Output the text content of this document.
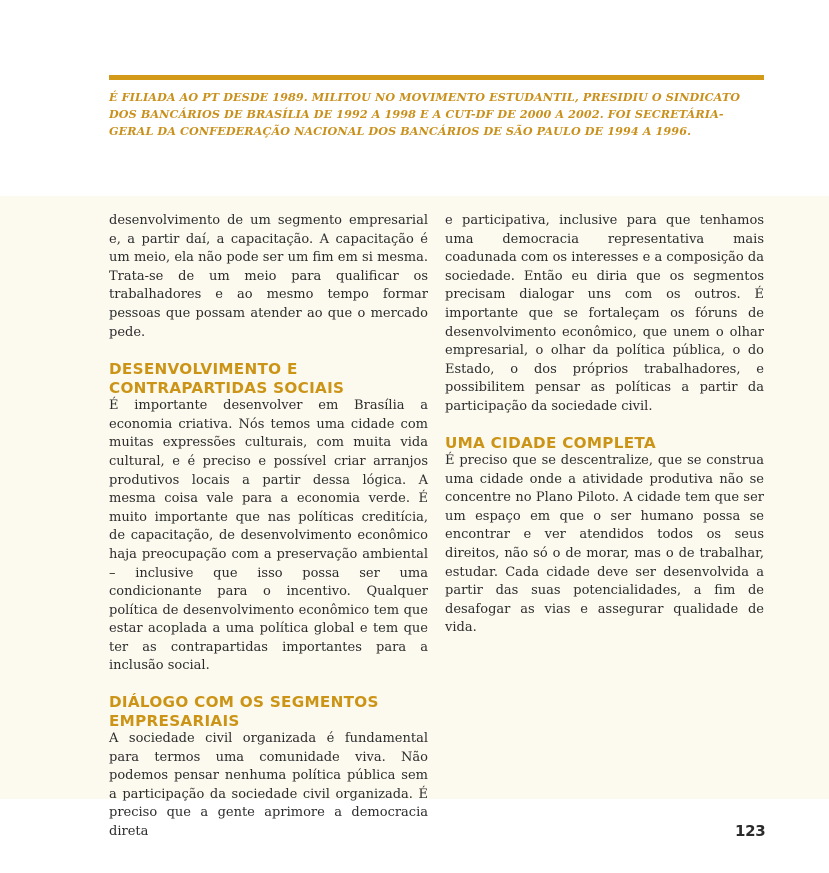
É FILIADA AO PT DESDE 1989. MILITOU NO MOVIMENTO ESTUDANTIL, PRESIDIU O SINDICATO DOS BANCÁRIOS DE BRASÍLIA DE 1992 A 1998 E A CUT-DF DE 2000 A 2002. FOI SECRETÁRIA-GERAL DA CONFEDERAÇÃO NACIONAL DOS BANCÁRIOS DE SÃO PAULO DE 1994 A 1996.

desenvolvimento de um segmento empresarial e, a partir daí, a capacitação. A capacitação é um meio, ela não pode ser um fim em si mesma. Trata-se de um meio para qualificar os trabalhadores e ao mesmo tempo formar pessoas que possam atender ao que o mercado pede.

DESENVOLVIMENTO E CONTRAPARTIDAS SOCIAIS

É importante desenvolver em Brasília a economia criativa. Nós temos uma cidade com muitas expressões culturais, com muita vida cultural, e é preciso e possível criar arranjos produtivos locais a partir dessa lógica. A mesma coisa vale para a economia verde. É muito importante que nas políticas creditícia, de capacitação, de desenvolvimento econômico haja preocupação com a preservação ambiental – inclusive que isso possa ser uma condicionante para o incentivo. Qualquer política de desenvolvimento econômico tem que estar acoplada a uma política global e tem que ter as contrapartidas importantes para a inclusão social.

DIÁLOGO COM OS SEGMENTOS EMPRESARIAIS

A sociedade civil organizada é fundamental para termos uma comunidade viva. Não podemos pensar nenhuma política pública sem a participação da sociedade civil organizada. É preciso que a gente aprimore a democracia direta

e participativa, inclusive para que tenhamos uma democracia representativa mais coadunada com os interesses e a composição da sociedade. Então eu diria que os segmentos precisam dialogar uns com os outros. É importante que se fortaleçam os fóruns de desenvolvimento econômico, que unem o olhar empresarial, o olhar da política pública, o do Estado, o dos próprios trabalhadores, e possibilitem pensar as políticas a partir da participação da sociedade civil.

UMA CIDADE COMPLETA

É preciso que se descentralize, que se construa uma cidade onde a atividade produtiva não se concentre no Plano Piloto. A cidade tem que ser um espaço em que o ser humano possa se encontrar e ver atendidos todos os seus direitos, não só o de morar, mas o de trabalhar, estudar. Cada cidade deve ser desenvolvida a partir das suas potencialidades, a fim de desafogar as vias e assegurar qualidade de vida.

123
